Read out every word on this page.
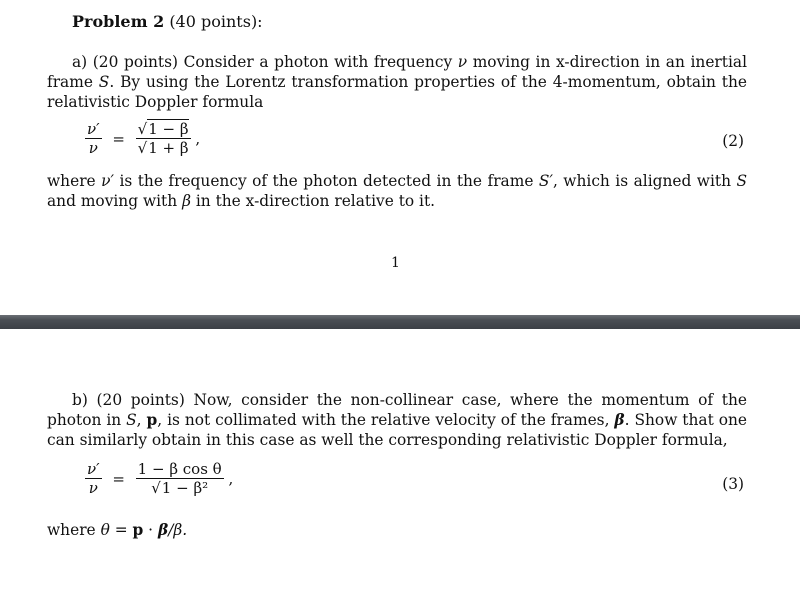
Problem 2 (40 points):
a) (20 points) Consider a photon with frequency ν moving in x-direction in an inertial frame S. By using the Lorentz transformation properties of the 4-momentum, obtain the relativistic Doppler formula
$\frac{\nu'}{\nu} = \frac{√1 - \beta}{√1 + \beta}$ ,	(2)
where ν′ is the frequency of the photon detected in the frame S′, which is aligned with S and moving with β in the x-direction relative to it.
1
b) (20 points) Now, consider the non-collinear case, where the momentum of the photon in S, p, is not collimated with the relative velocity of the frames, β. Show that one can similarly obtain in this case as well the corresponding relativistic Doppler formula,
$\frac{\nu'}{\nu} = \frac{\text{1 − β cos θ}}{\text{√1 − β²}}$ ,	(3)
where θ = p · β/β.
